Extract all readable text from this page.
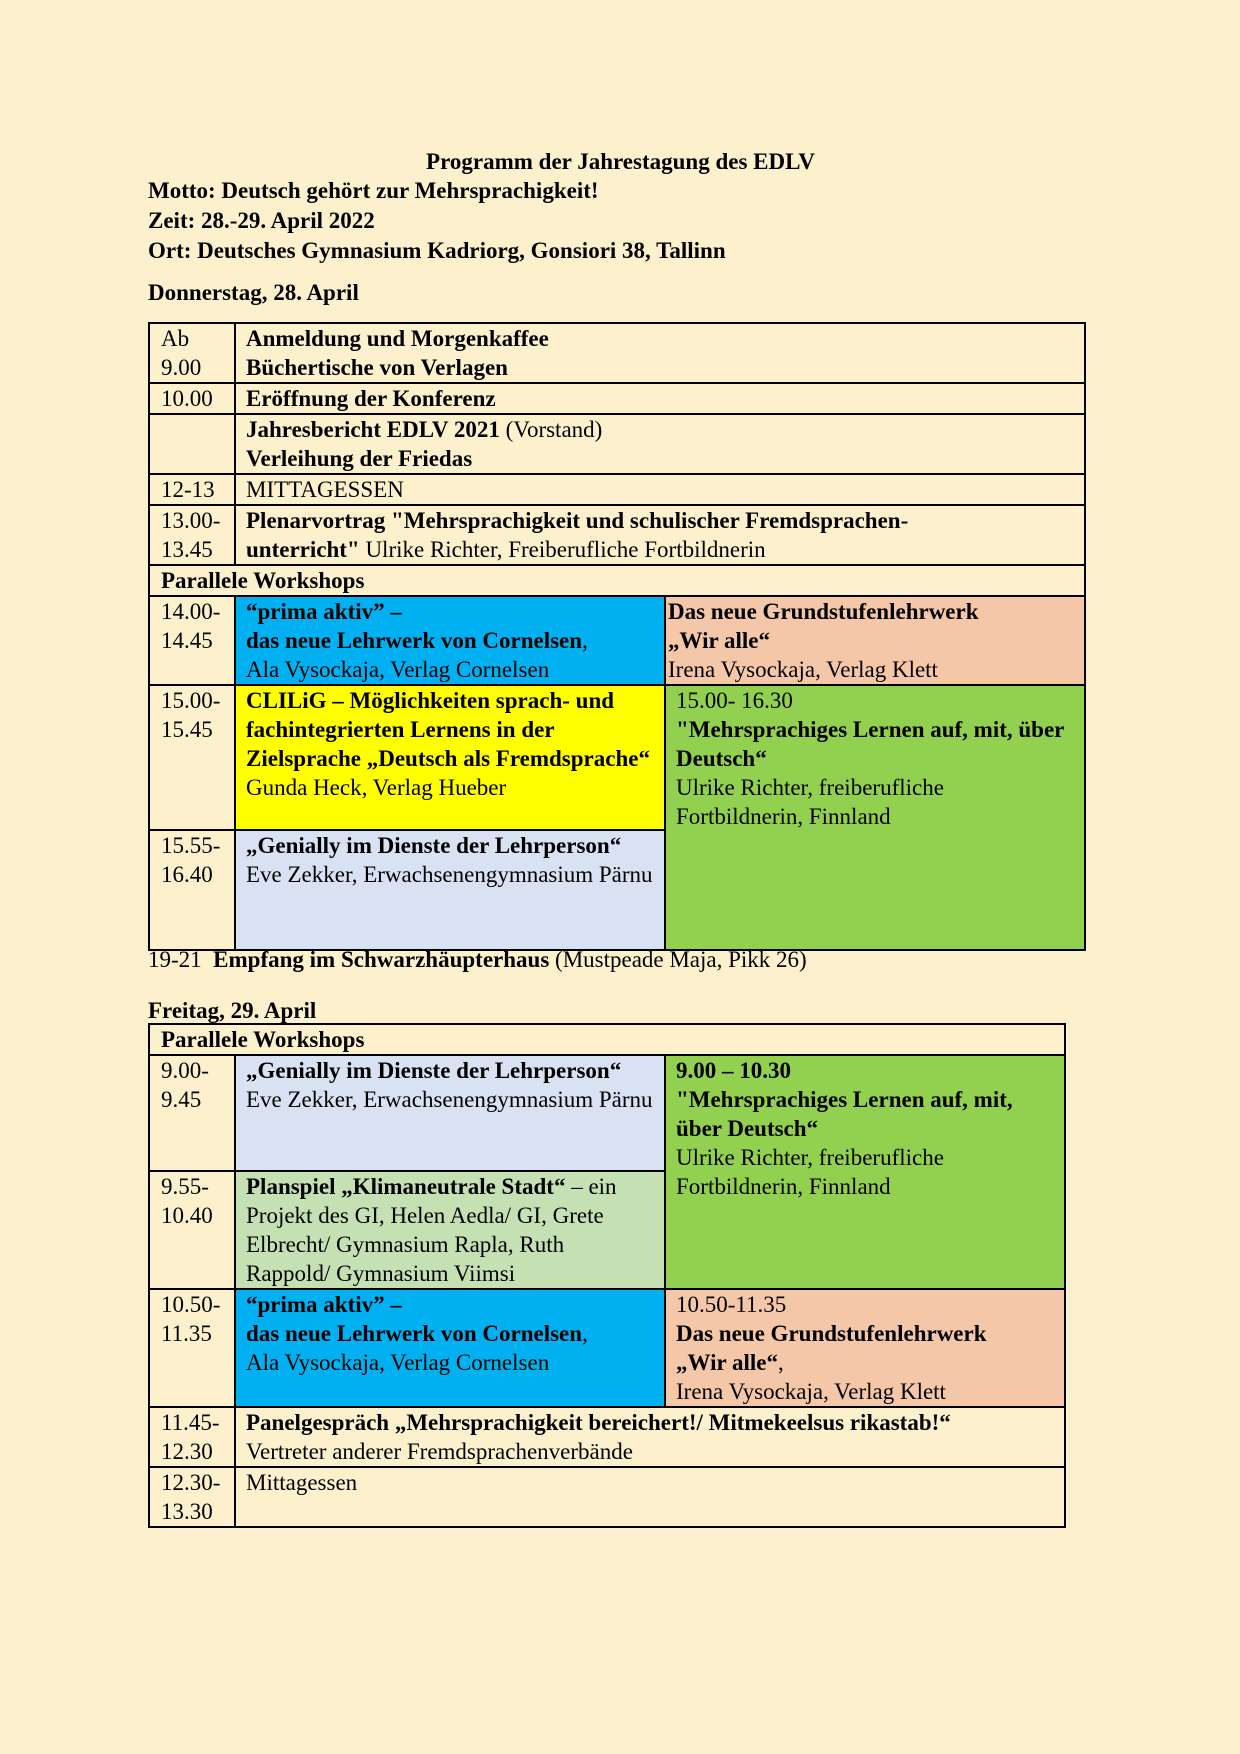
Programm der Jahrestagung des EDLV
Motto: Deutsch gehört zur Mehrsprachigkeit!
Zeit: 28.-29. April 2022
Ort: Deutsches Gymnasium Kadriorg, Gonsiori 38, Tallinn
Donnerstag, 28. April
Ab
9.00	Anmeldung und Morgenkaffee
Büchertische von Verlagen	

10.00	Eröffnung der Konferenz	

	Jahresbericht EDLV 2021 (Vorstand)
Verleihung der Friedas	

12-13	MITTAGESSEN	

13.00-
13.45	Plenarvortrag "Mehrsprachigkeit und schulischer Fremdsprachen-
unterricht" Ulrike Richter, Freiberufliche Fortbildnerin	

Parallele Workshops		

14.00-
14.45	“prima aktiv” –
das neue Lehrwerk von Cornelsen,
Ala Vysockaja, Verlag Cornelsen	Das neue Grundstufenlehrwerk
„Wir alle“
Irena Vysockaja, Verlag Klett

15.00-
15.45	CLILiG – Möglichkeiten sprach- und fachintegrierten Lernens in der Zielsprache „Deutsch als Fremdsprache“
Gunda Heck, Verlag Hueber	15.00- 16.30
"Mehrsprachiges Lernen auf, mit, über Deutsch“
Ulrike Richter, freiberufliche Fortbildnerin, Finnland

15.55-
16.40	„Genially im Dienste der Lehrperson“
Eve Zekker, Erwachsenengymnasium Pärnu	
19-21 Empfang im Schwarzhäupterhaus (Mustpeade Maja, Pikk 26)
Freitag, 29. April
Parallele Workshops		

9.00-
9.45	„Genially im Dienste der Lehrperson“
Eve Zekker, Erwachsenengymnasium Pärnu	9.00 – 10.30
"Mehrsprachiges Lernen auf, mit, über Deutsch“
Ulrike Richter, freiberufliche Fortbildnerin, Finnland

9.55-
10.40	Planspiel „Klimaneutrale Stadt“ – ein Projekt des GI, Helen Aedla/ GI, Grete Elbrecht/ Gymnasium Rapla, Ruth Rappold/ Gymnasium Viimsi	

10.50-
11.35	“prima aktiv” –
das neue Lehrwerk von Cornelsen,
Ala Vysockaja, Verlag Cornelsen	10.50-11.35
Das neue Grundstufenlehrwerk
„Wir alle“,
Irena Vysockaja, Verlag Klett

11.45-
12.30	Panelgespräch „Mehrsprachigkeit bereichert!/ Mitmekeelsus rikastab!“
Vertreter anderer Fremdsprachenverbände	

12.30-
13.30	Mittagessen	
